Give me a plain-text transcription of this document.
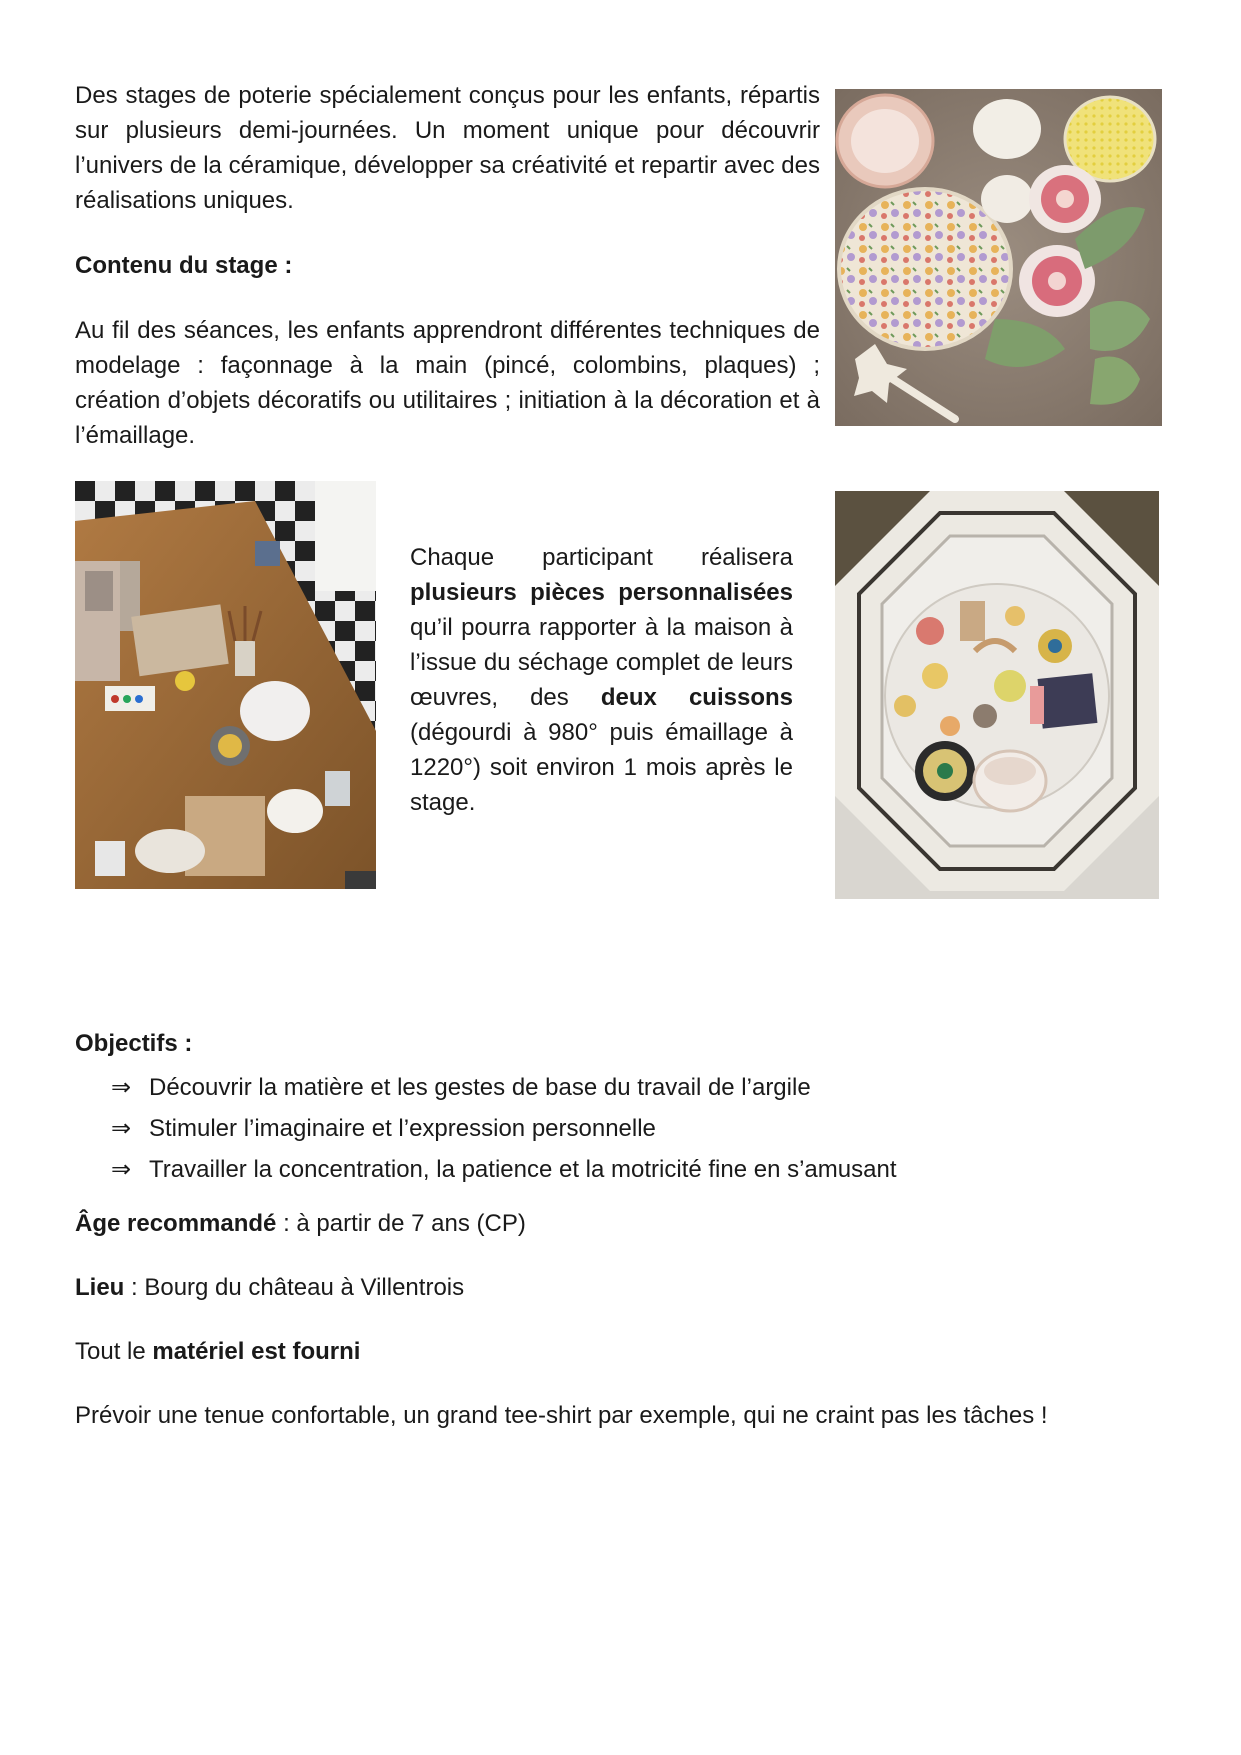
Des stages de poterie spécialement conçus pour les enfants, répartis sur plusieurs demi-journées. Un moment unique pour découvrir l’univers de la céramique, développer sa créativité et repartir avec des réalisations uniques.
Contenu du stage :
Au fil des séances, les enfants apprendront différentes techniques de modelage : façonnage à la main (pincé, colombins, plaques) ; création d’objets décoratifs ou utilitaires ; initiation à la décoration et à l’émaillage.
Chaque participant réalisera plusieurs pièces personnalisées qu’il pourra rapporter à la maison à l’issue du séchage complet de leurs œuvres, des deux cuissons (dégourdi à 980° puis émaillage à 1220°) soit environ 1 mois après le stage.
Objectifs :
⇒ Découvrir la matière et les gestes de base du travail de l’argile
⇒ Stimuler l’imaginaire et l’expression personnelle
⇒ Travailler la concentration, la patience et la motricité fine en s’amusant
Âge recommandé : à partir de 7 ans (CP)
Lieu : Bourg du château à Villentrois
Tout le matériel est fourni
Prévoir une tenue confortable, un grand tee-shirt par exemple, qui ne craint pas les tâches !
